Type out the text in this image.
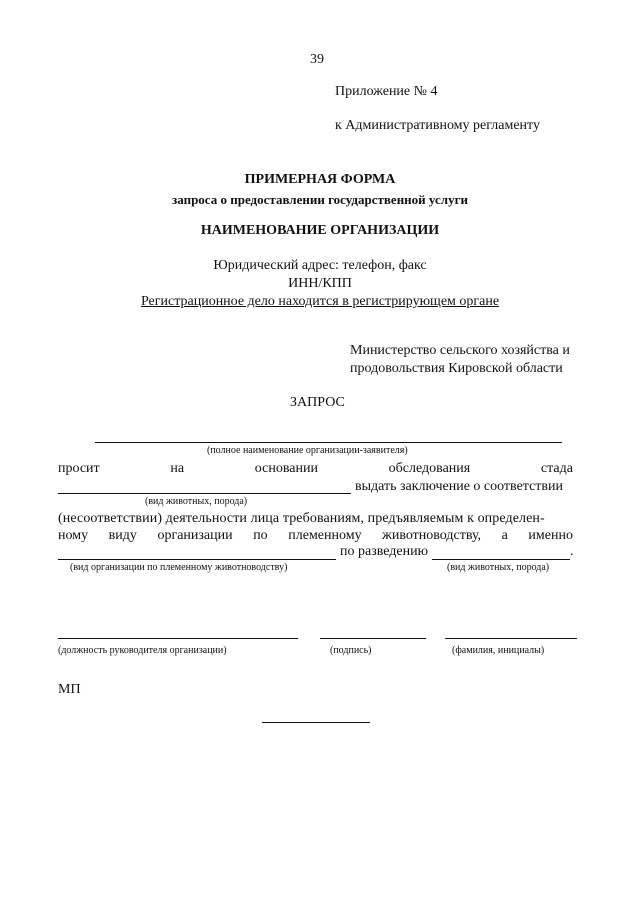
39
Приложение № 4
к Административному регламенту
ПРИМЕРНАЯ ФОРМА
запроса о предоставлении государственной услуги
НАИМЕНОВАНИЕ ОРГАНИЗАЦИИ
Юридический адрес: телефон, факс
ИНН/КПП
Регистрационное дело находится в регистрирующем органе
Министерство сельского хозяйства и
продовольствия Кировской области
ЗАПРОС
(полное наименование организации-заявителя)
просит	на	основании	обследования	стада
выдать заключение о соответствии
(вид животных, порода)
(несоответствии) деятельности лица требованиям, предъявляемым к определен-
ному виду организации по племенному животноводству, а именно
по разведению	.
(вид организации по племенному животноводству)	(вид животных, порода)
(должность руководителя организации)	(подпись)	(фамилия, инициалы)
МП
